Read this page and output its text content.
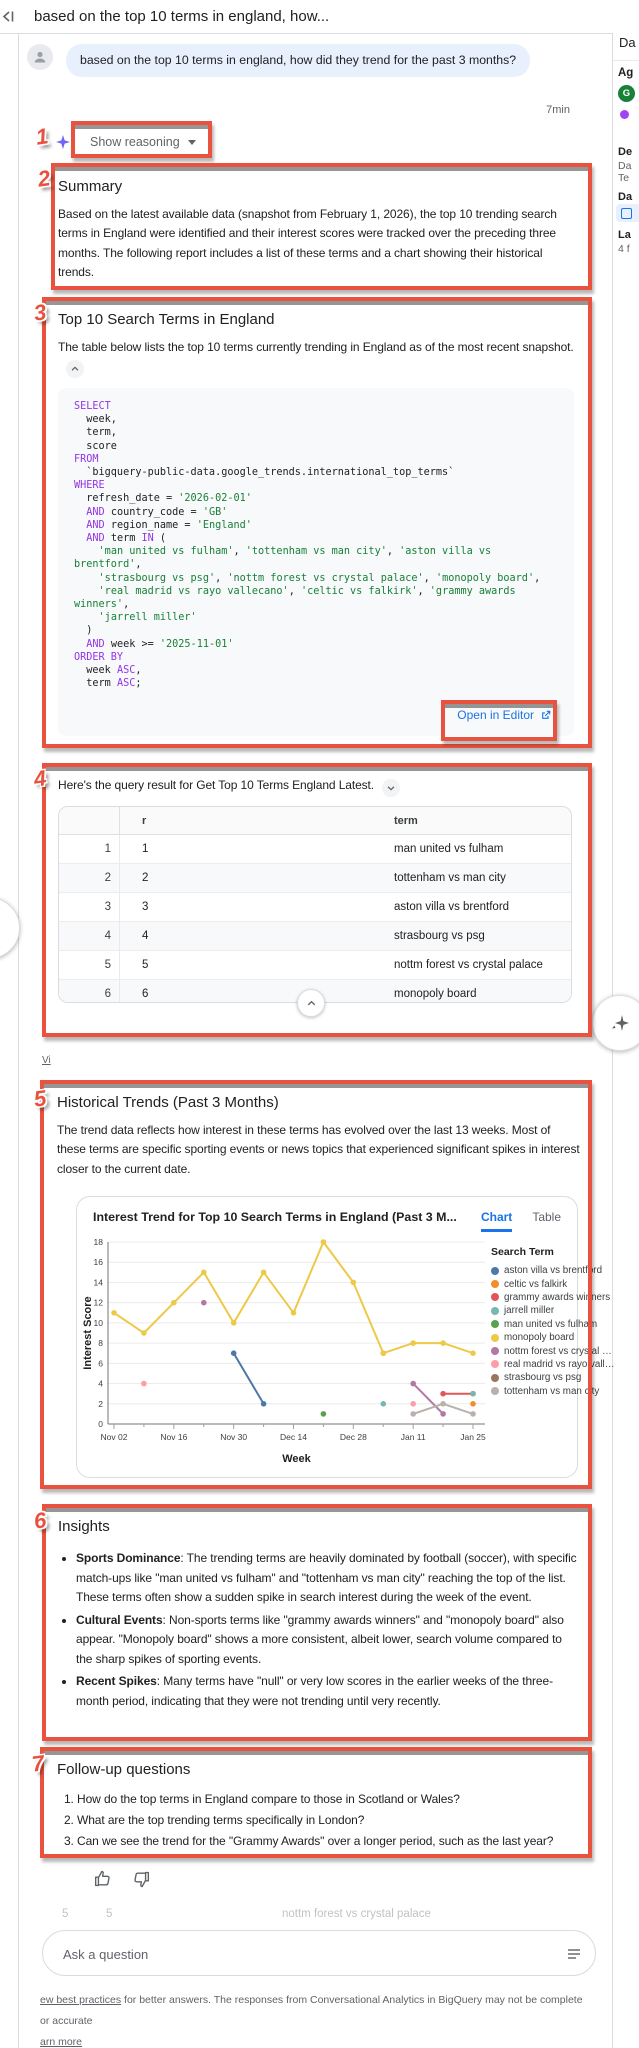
based on the top 10 terms in england, how...
based on the top 10 terms in england, how did they trend for the past 3 months?
7min
Show reasoning
Summary

Based on the latest available data (snapshot from February 1, 2026), the top 10 trending search terms in England were identified and their interest scores were tracked over the preceding three months. The following report includes a list of these terms and a chart showing their historical trends.

Top 10 Search Terms in England

The table below lists the top 10 terms currently trending in England as of the most recent snapshot.

SELECT
week,
term,
score
FROM
`bigquery-public-data.google_trends.international_top_terms`
WHERE
refresh_date = '2026-02-01'
AND country_code = 'GB'
AND region_name = 'England'
AND term IN (
'man united vs fulham', 'tottenham vs man city', 'aston villa vs
brentford',
'strasbourg vs psg', 'nottm forest vs crystal palace', 'monopoly board',
'real madrid vs rayo vallecano', 'celtic vs falkirk', 'grammy awards
winners',
'jarrell miller'
)
AND week >= '2025-11-01'
ORDER BY
week ASC,
term ASC;
Open in Editor

Here's the query result for Get Top 10 Terms England Latest.

	r	term
1	1	man united vs fulham
2	2	tottenham vs man city
3	3	aston villa vs brentford
4	4	strasbourg vs psg
5	5	nottm forest vs crystal palace
6	6	monopoly board
Vi
Historical Trends (Past 3 Months)

The trend data reflects how interest in these terms has evolved over the last 13 weeks. Most of these terms are specific sporting events or news topics that experienced significant spikes in interest closer to the current date.

Interest Trend for Top 10 Search Terms in England (Past 3 M... Chart Table
0
2
4
6
8
10
12
14
16
18
Nov 02	Nov 16	Nov 30	Dec 14	Dec 28	Jan 11	Jan 25
Interest Score
Week
Search Term
aston villa vs brentford
celtic vs falkirk
grammy awards winners
jarrell miller
man united vs fulham
monopoly board
nottm forest vs crystal …
real madrid vs rayo vall…
strasbourg vs psg
tottenham vs man city
Insights
• Sports Dominance: The trending terms are heavily dominated by football (soccer), with specific match-ups like "man united vs fulham" and "tottenham vs man city" reaching the top of the list. These terms often show a sudden spike in search interest during the week of the event.
• Cultural Events: Non-sports terms like "grammy awards winners" and "monopoly board" also appear. "Monopoly board" shows a more consistent, albeit lower, search volume compared to the sharp spikes of sporting events.
• Recent Spikes: Many terms have "null" or very low scores in the earlier weeks of the three-month period, indicating that they were not trending until very recently.
Follow-up questions
1. How do the top terms in England compare to those in Scotland or Wales?
2. What are the top trending terms specifically in London?
3. Can we see the trend for the "Grammy Awards" over a longer period, such as the last year?
5	5	nottm forest vs crystal palace
Ask a question
ew best practices for better answers. The responses from Conversational Analytics in BigQuery may not be complete or accurate
arn more
Da
Ag
G
De
Da
Te
Da
La
4 f
1
2
3
4
5
6
7
